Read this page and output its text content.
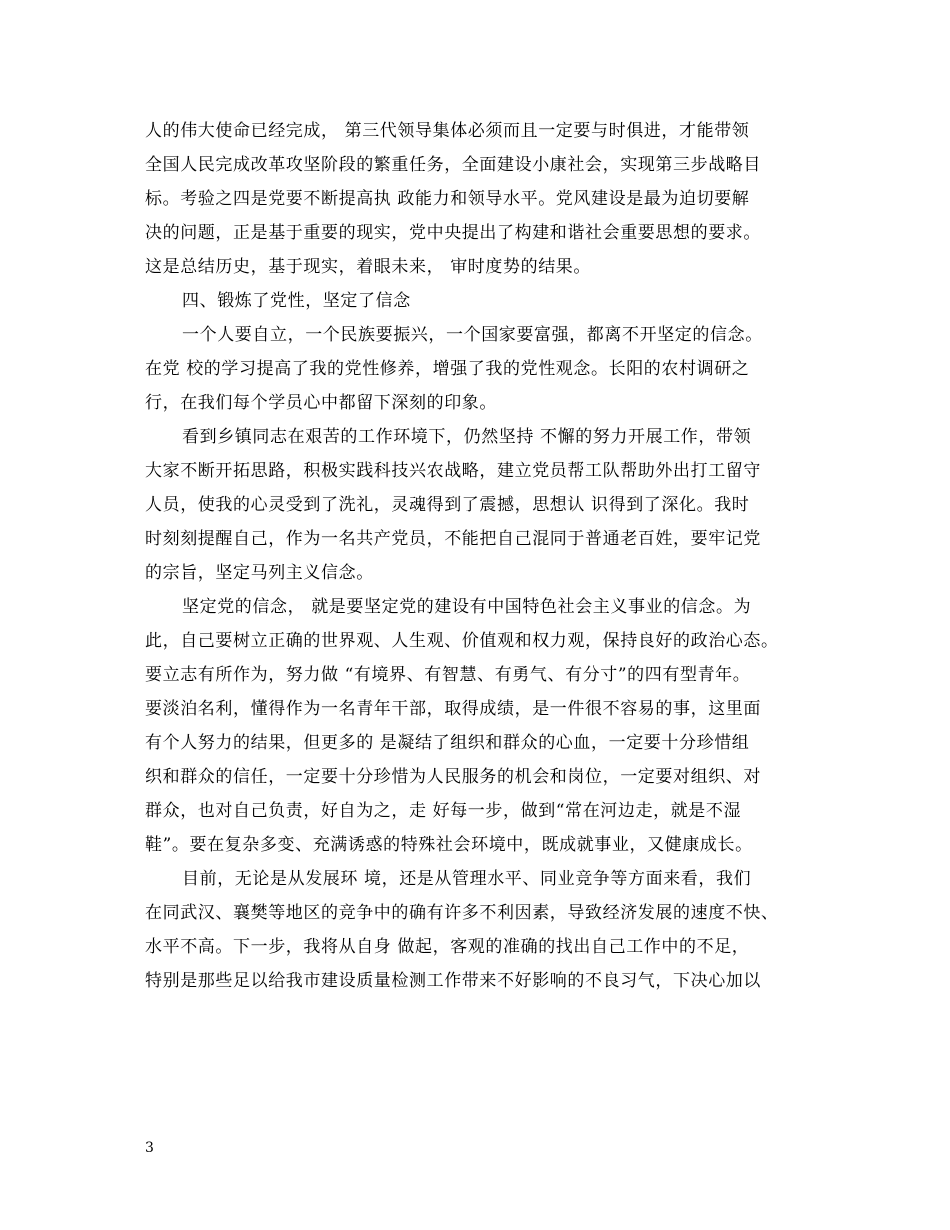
人的伟大使命已经完成， 第三代领导集体必须而且一定要与时俱进，才能带领
全国人民完成改革攻坚阶段的繁重任务，全面建设小康社会，实现第三步战略目
标。考验之四是党要不断提高执 政能力和领导水平。党风建设是最为迫切要解
决的问题，正是基于重要的现实，党中央提出了构建和谐社会重要思想的要求。
这是总结历史，基于现实，着眼未来， 审时度势的结果。
四、锻炼了党性，坚定了信念
一个人要自立，一个民族要振兴，一个国家要富强，都离不开坚定的信念。
在党 校的学习提高了我的党性修养，增强了我的党性观念。长阳的农村调研之
行，在我们每个学员心中都留下深刻的印象。
看到乡镇同志在艰苦的工作环境下，仍然坚持 不懈的努力开展工作，带领
大家不断开拓思路，积极实践科技兴农战略，建立党员帮工队帮助外出打工留守
人员，使我的心灵受到了洗礼，灵魂得到了震撼，思想认 识得到了深化。我时
时刻刻提醒自己，作为一名共产党员，不能把自己混同于普通老百姓，要牢记党
的宗旨，坚定马列主义信念。
坚定党的信念， 就是要坚定党的建设有中国特色社会主义事业的信念。为
此，自己要树立正确的世界观、人生观、价值观和权力观，保持良好的政治心态。
要立志有所作为，努力做 “有境界、有智慧、有勇气、有分寸”的四有型青年。
要淡泊名利，懂得作为一名青年干部，取得成绩，是一件很不容易的事，这里面
有个人努力的结果，但更多的 是凝结了组织和群众的心血，一定要十分珍惜组
织和群众的信任，一定要十分珍惜为人民服务的机会和岗位，一定要对组织、对
群众，也对自己负责，好自为之，走 好每一步，做到“常在河边走，就是不湿
鞋”。要在复杂多变、充满诱惑的特殊社会环境中，既成就事业，又健康成长。
目前，无论是从发展环 境，还是从管理水平、同业竞争等方面来看，我们
在同武汉、襄樊等地区的竞争中的确有许多不利因素，导致经济发展的速度不快、
水平不高。下一步，我将从自身 做起，客观的准确的找出自己工作中的不足，
特别是那些足以给我市建设质量检测工作带来不好影响的不良习气，下决心加以
3
